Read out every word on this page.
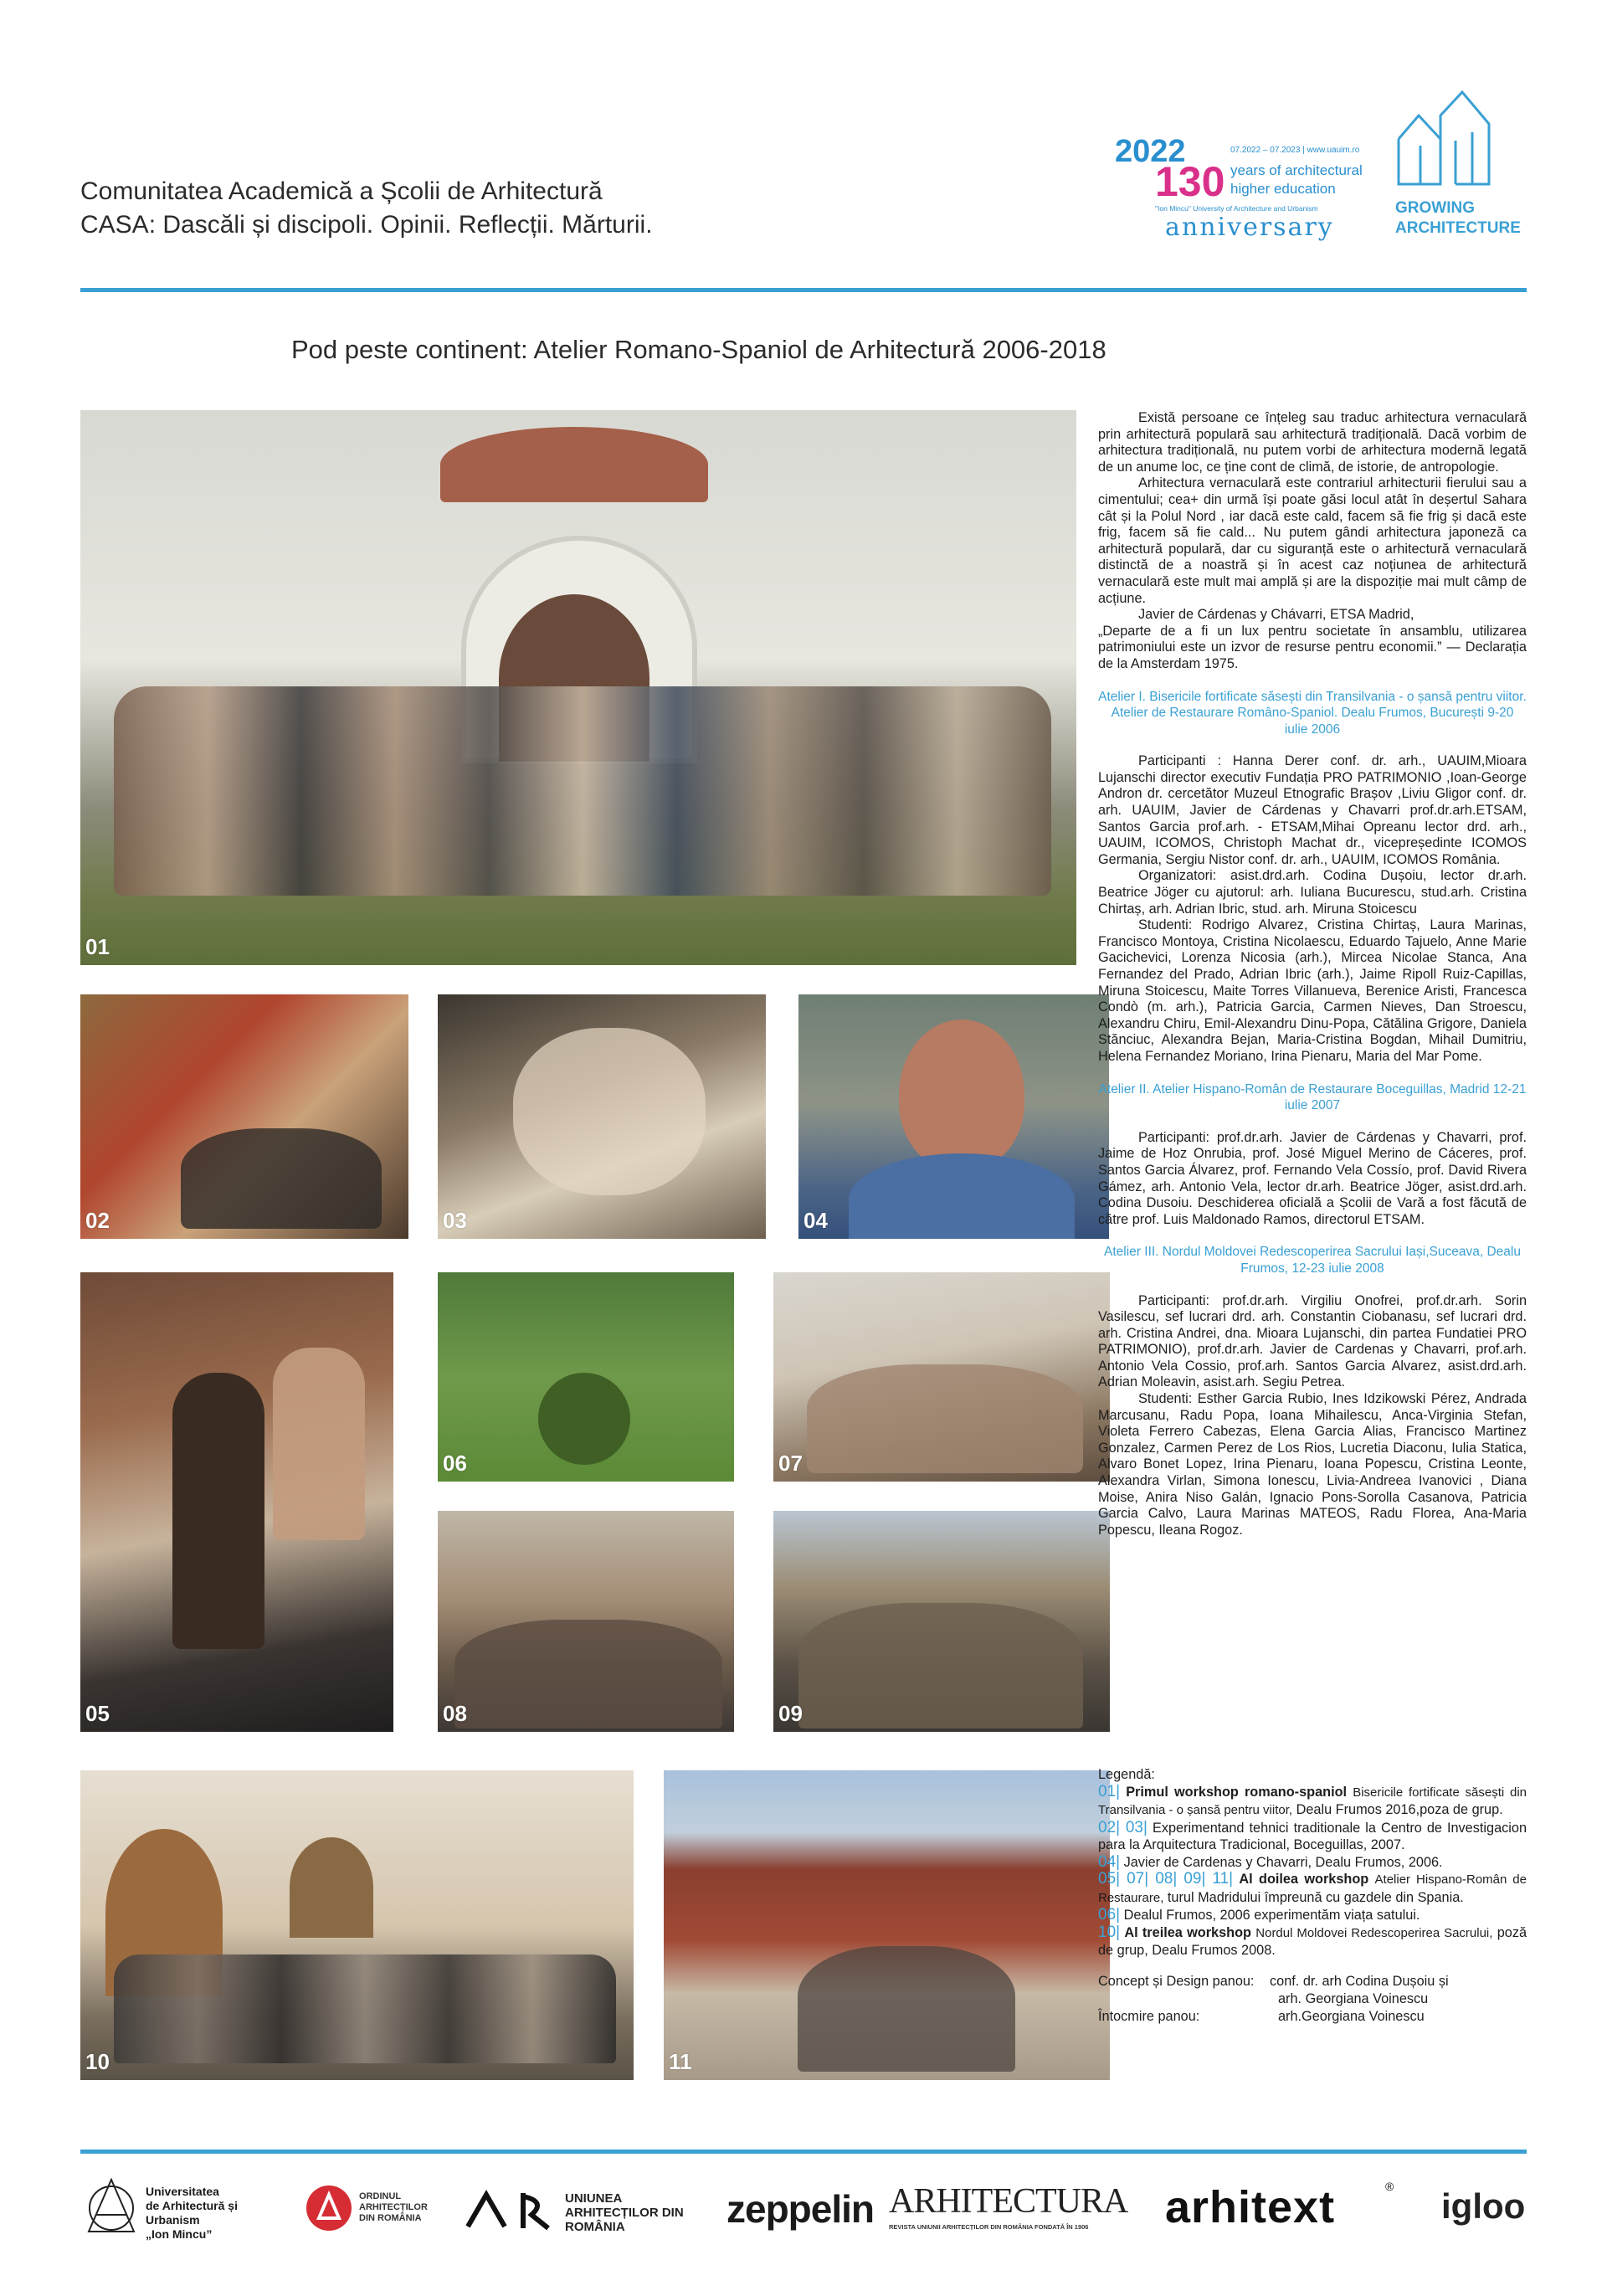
Comunitatea Academică a Școlii de Arhitectură
CASA: Dascăli și discipoli. Opinii. Reflecții. Mărturii.
2022
130
07.2022 – 07.2023 | www.uauim.ro
years of architectural
higher education
"Ion Mincu" University of Architecture and Urbanism
anniversary
GROWING
ARCHITECTURE
Pod peste continent: Atelier Romano-Spaniol de Arhitectură 2006-2018
01
02	03	04
05
06	07
08	09
10	11

Există persoane ce înțeleg sau traduc arhitectura vernaculară prin arhitectură populară sau arhitectură tradițională. Dacă vorbim de arhitectura tradițională, nu putem vorbi de arhitectura modernă legată de un anume loc, ce ține cont de climă, de istorie, de antropologie.

Arhitectura vernaculară este contrariul arhitecturii fierului sau a cimentului; cea+ din urmă își poate găsi locul atât în deșertul Sahara cât și la Polul Nord , iar dacă este cald, facem să fie frig și dacă este frig, facem să fie cald... Nu putem gândi arhitectura japoneză ca arhitectură populară, dar cu siguranță este o arhitectură vernaculară distinctă de a noastră și în acest caz noțiunea de arhitectură vernaculară este mult mai amplă și are la dispoziție mai mult câmp de acțiune.

Javier de Cárdenas y Chávarri, ETSA Madrid,

„Departe de a fi un lux pentru societate în ansamblu, utilizarea patrimoniului este un izvor de resurse pentru economii.” — Declarația de la Amsterdam 1975.

Atelier I. Bisericile fortificate săsești din Transilvania - o șansă pentru viitor. Atelier de Restaurare Româno-Spaniol. Dealu Frumos, București 9-20 iulie 2006

Participanti : Hanna Derer conf. dr. arh., UAUIM,Mioara Lujanschi director executiv Fundația PRO PATRIMONIO ,Ioan-George Andron dr. cercetător Muzeul Etnografic Brașov ,Liviu Gligor conf. dr. arh. UAUIM, Javier de Cárdenas y Chavarri prof.dr.arh.ETSAM, Santos Garcia prof.arh. - ETSAM,Mihai Opreanu lector drd. arh., UAUIM, ICOMOS, Christoph Machat dr., vicepreședinte ICOMOS Germania, Sergiu Nistor conf. dr. arh., UAUIM, ICOMOS România.

Organizatori: asist.drd.arh. Codina Dușoiu, lector dr.arh. Beatrice Jöger cu ajutorul: arh. Iuliana Bucurescu, stud.arh. Cristina Chirtaș, arh. Adrian Ibric, stud. arh. Miruna Stoicescu

Studenti: Rodrigo Alvarez, Cristina Chirtaș, Laura Marinas, Francisco Montoya, Cristina Nicolaescu, Eduardo Tajuelo, Anne Marie Gacichevici, Lorenza Nicosia (arh.), Mircea Nicolae Stanca, Ana Fernandez del Prado, Adrian Ibric (arh.), Jaime Ripoll Ruiz-Capillas, Miruna Stoicescu, Maite Torres Villanueva, Berenice Aristi, Francesca Condò (m. arh.), Patricia Garcia, Carmen Nieves, Dan Stroescu, Alexandru Chiru, Emil-Alexandru Dinu-Popa, Cătălina Grigore, Daniela Stănciuc, Alexandra Bejan, Maria-Cristina Bogdan, Mihail Dumitriu, Helena Fernandez Moriano, Irina Pienaru, Maria del Mar Pome.

Atelier II. Atelier Hispano-Român de Restaurare Boceguillas, Madrid 12-21 iulie 2007

Participanti: prof.dr.arh. Javier de Cárdenas y Chavarri, prof. Jaime de Hoz Onrubia, prof. José Miguel Merino de Cáceres, prof. Santos Garcia Álvarez, prof. Fernando Vela Cossío, prof. David Rivera Gámez, arh. Antonio Vela, lector dr.arh. Beatrice Jöger, asist.drd.arh. Codina Dusoiu. Deschiderea oficială a Școlii de Vară a fost făcută de către prof. Luis Maldonado Ramos, directorul ETSAM.

Atelier III. Nordul Moldovei Redescoperirea Sacrului Iași,Suceava, Dealu Frumos, 12-23 iulie 2008

Participanti: prof.dr.arh. Virgiliu Onofrei, prof.dr.arh. Sorin Vasilescu, sef lucrari drd. arh. Constantin Ciobanasu, sef lucrari drd. arh. Cristina Andrei, dna. Mioara Lujanschi, din partea Fundatiei PRO PATRIMONIO), prof.dr.arh. Javier de Cardenas y Chavarri, prof.arh. Antonio Vela Cossio, prof.arh. Santos Garcia Alvarez, asist.drd.arh. Adrian Moleavin, asist.arh. Segiu Petrea.

Studenti: Esther Garcia Rubio, Ines Idzikowski Pérez, Andrada Marcusanu, Radu Popa, Ioana Mihailescu, Anca-Virginia Stefan, Violeta Ferrero Cabezas, Elena Garcia Alias, Francisco Martinez Gonzalez, Carmen Perez de Los Rios, Lucretia Diaconu, Iulia Statica, Alvaro Bonet Lopez, Irina Pienaru, Ioana Popescu, Cristina Leonte, Alexandra Virlan, Simona Ionescu, Livia-Andreea Ivanovici , Diana Moise, Anira Niso Galán, Ignacio Pons-Sorolla Casanova, Patricia Garcia Calvo, Laura Marinas MATEOS, Radu Florea, Ana-Maria Popescu, Ileana Rogoz.

Legendă:

01| Primul workshop romano-spaniol Bisericile fortificate săsești din Transilvania - o șansă pentru viitor, Dealu Frumos 2016,poza de grup.

02| 03| Experimentand tehnici traditionale la Centro de Investigacion para la Arquitectura Tradicional, Boceguillas, 2007.

04| Javier de Cardenas y Chavarri, Dealu Frumos, 2006.

05| 07| 08| 09| 11| Al doilea workshop Atelier Hispano-Român de Restaurare, turul Madridului împreună cu gazdele din Spania.

06| Dealul Frumos, 2006 experimentăm viața satului.

10| Al treilea workshop Nordul Moldovei Redescoperirea Sacrului, poză de grup, Dealu Frumos 2008.

Concept și Design panou: conf. dr. arh Codina Dușoiu și
arh. Georgiana Voinescu
Întocmire panou:	arh.Georgiana Voinescu
Universitatea
de Arhitectură și Urbanism
„Ion Mincu”
ORDINUL
ARHITECȚILOR
DIN ROMÂNIA
UNIUNEA
ARHITECȚILOR DIN
ROMÂNIA	zeppelin ARHITECTURA
REVISTA UNIUNII ARHITECȚILOR DIN ROMÂNIA FONDATĂ ÎN 1906	arhitext	® igloo
